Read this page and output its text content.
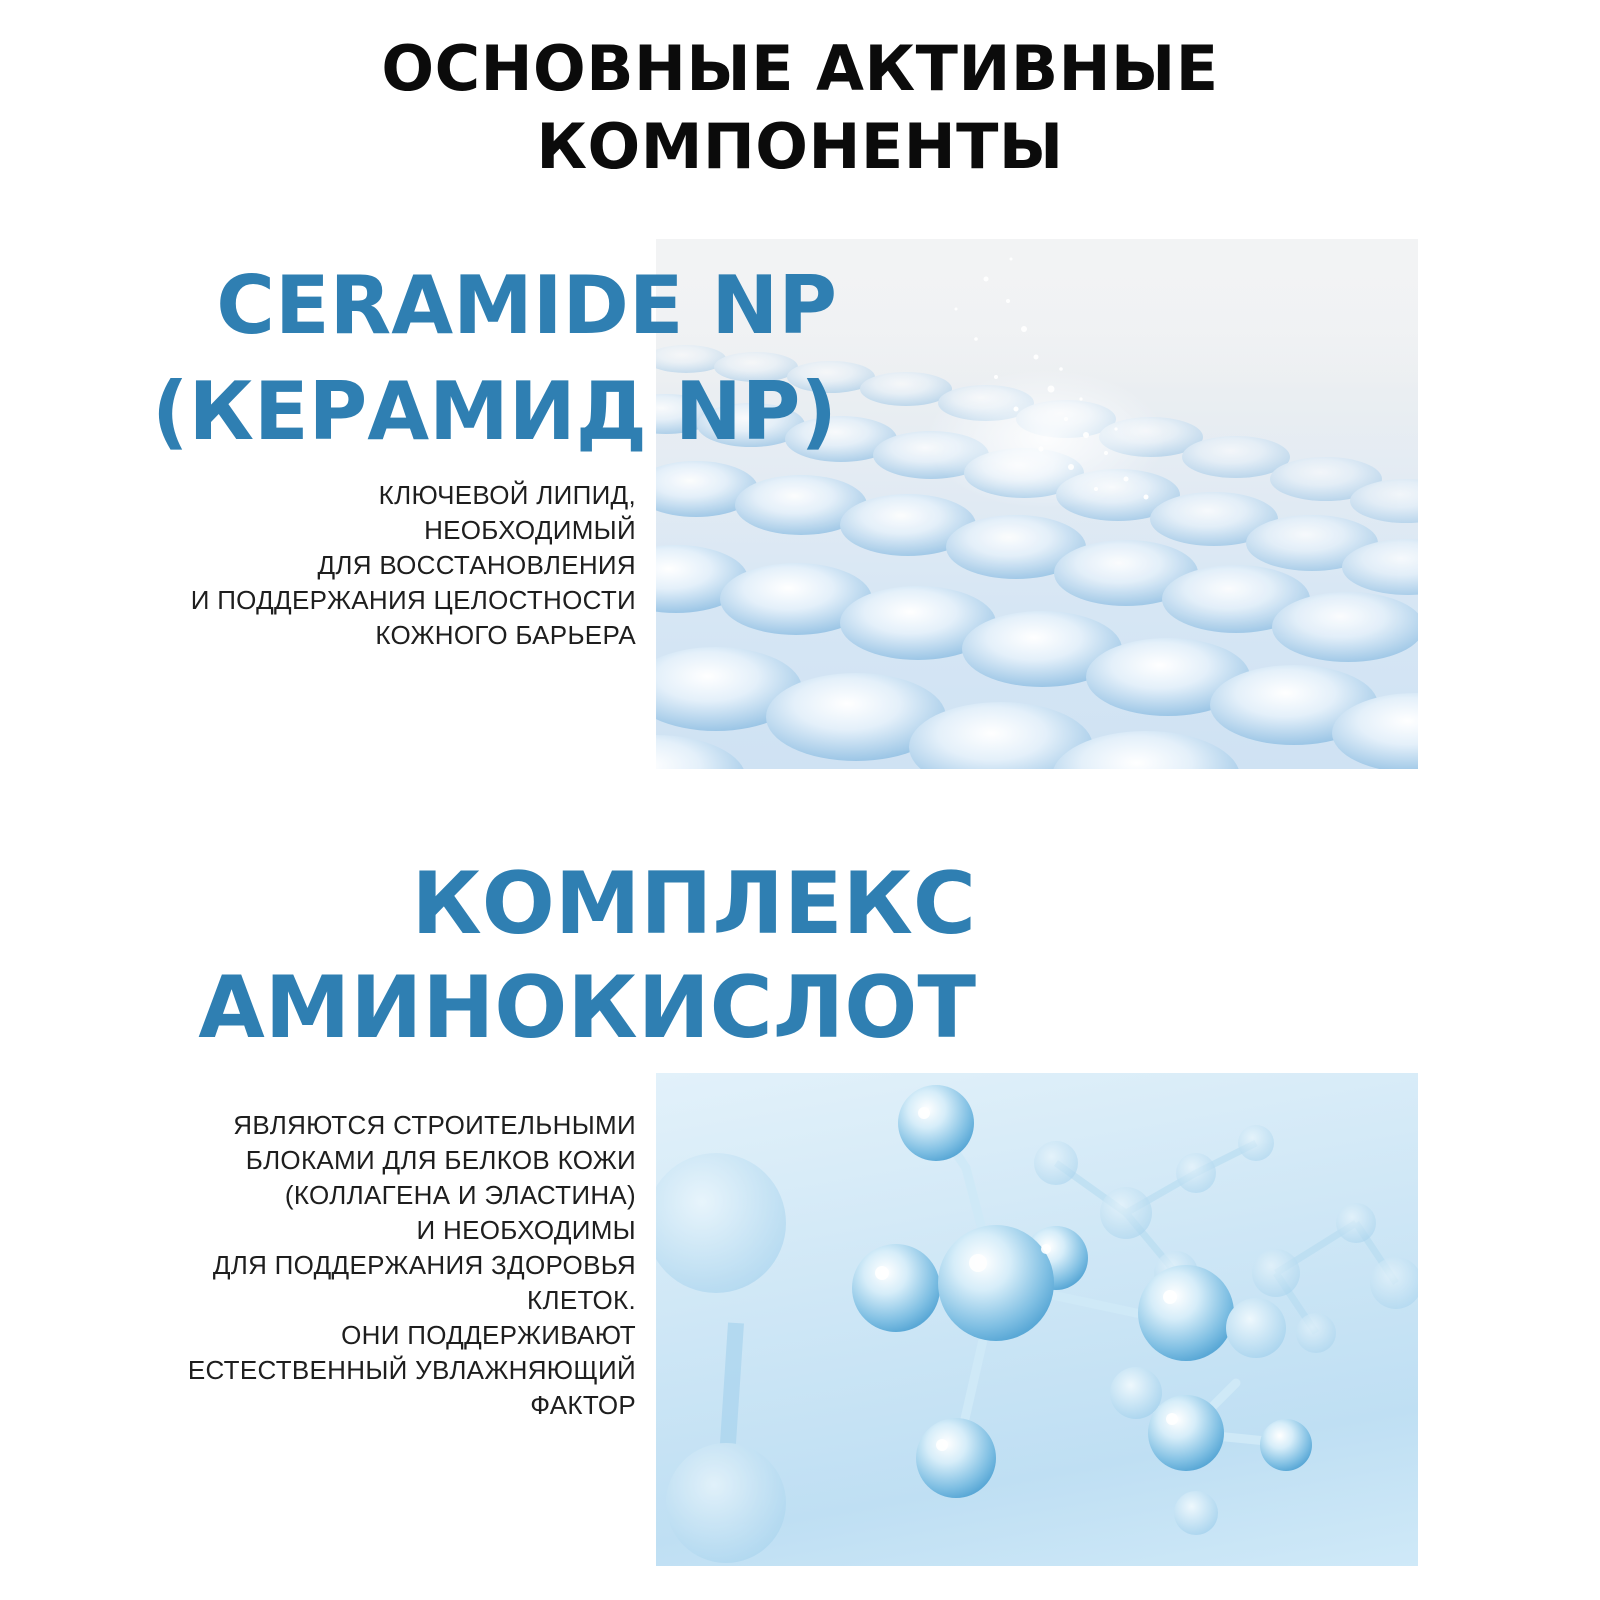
ОСНОВНЫЕ АКТИВНЫЕ
КОМПОНЕНТЫ
CERAMIDE NP
(КЕРАМИД NP)
КЛЮЧЕВОЙ ЛИПИД,
НЕОБХОДИМЫЙ
ДЛЯ ВОССТАНОВЛЕНИЯ
И ПОДДЕРЖАНИЯ ЦЕЛОСТНОСТИ
КОЖНОГО БАРЬЕРА
КОМПЛЕКС
АМИНОКИСЛОТ
ЯВЛЯЮТСЯ СТРОИТЕЛЬНЫМИ
БЛОКАМИ ДЛЯ БЕЛКОВ КОЖИ
(КОЛЛАГЕНА И ЭЛАСТИНА)
И НЕОБХОДИМЫ
ДЛЯ ПОДДЕРЖАНИЯ ЗДОРОВЬЯ
КЛЕТОК.
ОНИ ПОДДЕРЖИВАЮТ
ЕСТЕСТВЕННЫЙ УВЛАЖНЯЮЩИЙ
ФАКТОР
